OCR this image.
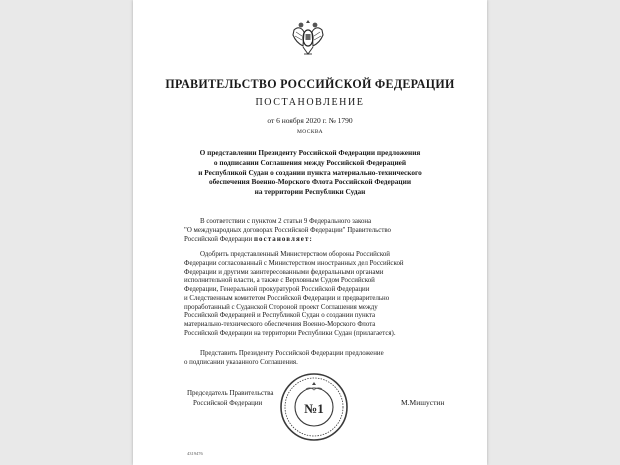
ПРАВИТЕЛЬСТВО РОССИЙСКОЙ ФЕДЕРАЦИИ
ПОСТАНОВЛЕНИЕ
от 6 ноября 2020 г. № 1790
МОСКВА
О представлении Президенту Российской Федерации предложения
о подписании Соглашения между Российской Федерацией
и Республикой Судан о создании пункта материально-технического
обеспечения Военно-Морского Флота Российской Федерации
на территории Республики Судан
В соответствии с пунктом 2 статьи 9 Федерального закона
"О международных договорах Российской Федерации" Правительство
Российской Федерации постановляет:
Одобрить представленный Министерством обороны Российской
Федерации согласованный с Министерством иностранных дел Российской
Федерации и другими заинтересованными федеральными органами
исполнительной власти, а также с Верховным Судом Российской
Федерации, Генеральной прокуратурой Российской Федерации
и Следственным комитетом Российской Федерации и предварительно
проработанный с Суданской Стороной проект Соглашения между
Российской Федерацией и Республикой Судан о создании пункта
материально-технического обеспечения Военно-Морского Флота
Российской Федерации на территории Республики Судан (прилагается).
Представить Президенту Российской Федерации предложение
о подписании указанного Соглашения.
№1
Председатель Правительства
Российской Федерации	М.Мишустин
4319476
